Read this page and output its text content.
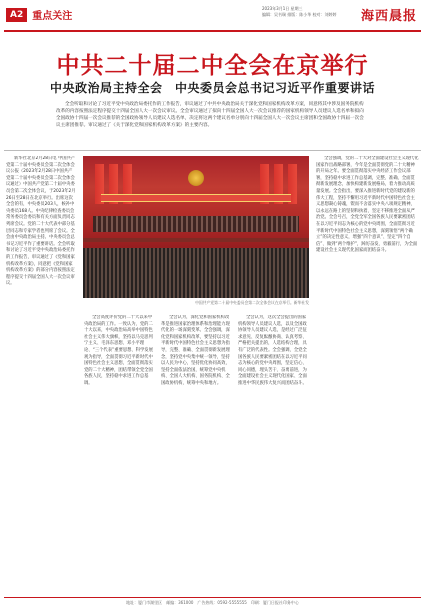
A2 重点关注
2023年3月1日 星期三
编辑：吴书瑞 排版：陈小华 校对：刘婷婷	海西晨报
中共二十届二中全会在京举行
中央政治局主持全会　中央委员会总书记习近平作重要讲话
全会听取和讨论了习近平受中央政治局委托作的工作报告，审议通过了中共中央政治局关于深化党和国家机构改革方案，同意将其中涉及国务院机构改革的内容按照法定程序提交十四届全国人大一次会议审议。全会审议通过了拟向十四届全国人大一次会议推荐的国家机构领导人员建议人选名单和拟向全国政协十四届一次会议推荐的全国政协领导人员建议人选名单，决定将这两个建议名单分别向十四届全国人大一次会议主席团和全国政协十四届一次会议主席团推荐。审议通过了《关于深化党和国家机构改革方案》的主要内容。

新华社北京2月28日电 中国共产党第二十届中央委员会第二次全体会议公报（2023年2月28日中国共产党第二十届中央委员会第二次全体会议通过）中国共产党第二十届中央委员会第二次全体会议，于2023年2月26日至28日在北京举行。出席这次全会的有，中央委员203人，候补中央委员168人。中央纪律检查委员会常务委员会委员和有关方面负责同志列席会议。党的二十大代表中部分基层同志和专家学者也列席了会议。全会由中央政治局主持。中央委员会总书记习近平作了重要讲话。全会听取和讨论了习近平受中央政治局委托作的工作报告，审议通过了《党和国家机构改革方案》，同意把《党和国家机构改革方案》的部分内容按照法定程序提交十四届全国人大一次会议审议。

中国共产党第二十届中央委员会第二次全体会议在京举行。新华社发

全会高度评价党的二十大以来中央政治局的工作。一致认为，党的二十大以来，中央政治局高举中国特色社会主义伟大旗帜，坚持以马克思列宁主义、毛泽东思想、邓小平理论、“三个代表”重要思想、科学发展观为指导，全面贯彻习近平新时代中国特色社会主义思想，全面贯彻落实党的二十大精神，团结带领全党全国各族人民，坚持稳中求进工作总基调。

全会认为，深化党和国家机构改革是推进国家治理体系和治理能力现代化的一场深刻变革。全会强调，深化党和国家机构改革，要坚持以习近平新时代中国特色社会主义思想为指导，完整、准确、全面贯彻新发展理念，坚持党中央集中统一领导，坚持以人民为中心，坚持优化协同高效，坚持全面依法治国，统筹党中央机构、全国人大机构、国务院机构、全国政协机构，统筹中央和地方。

全会认为，这次全会提出的国家机构领导人员建议人选，以及全国政协领导人员建议人选，是经过广泛征求意见、反复酝酿协商、认真考察、严格把关提出的，人选结构合理，具有广泛的代表性。全会强调，全党全国各族人民要紧密团结在以习近平同志为核心的党中央周围，坚定信心、同心同德，埋头苦干、奋勇前进，为全面建设社会主义现代化国家、全面推进中华民族伟大复兴而团结奋斗。

全会强调，党的二十大对全面建设社会主义现代化国家作出战略部署，今年是全面贯彻党的二十大精神的开局之年。要全面贯彻落实中央经济工作会议部署，坚持稳中求进工作总基调，完整、准确、全面贯彻新发展理念，加快构建新发展格局，着力推动高质量发展。全会指出，要深入推进新时代党的建设新的伟大工程，坚持不懈用习近平新时代中国特色社会主义思想凝心铸魂，锲而不舍落实中央八项规定精神，以永远在路上的坚韧和执着，坚定不移推进全面从严治党。全会号召，全党全军全国各族人民要紧密团结在以习近平同志为核心的党中央周围，全面贯彻习近平新时代中国特色社会主义思想，深刻领悟“两个确立”的决定性意义，增强“四个意识”、坚定“四个自信”、做到“两个维护”，踔厉奋发、勇毅前行，为全面建设社会主义现代化国家而团结奋斗。

地址：厦门市湖里区　邮编：361000　广告热线：0592-5555555　印刷：厦门日报社印务中心
